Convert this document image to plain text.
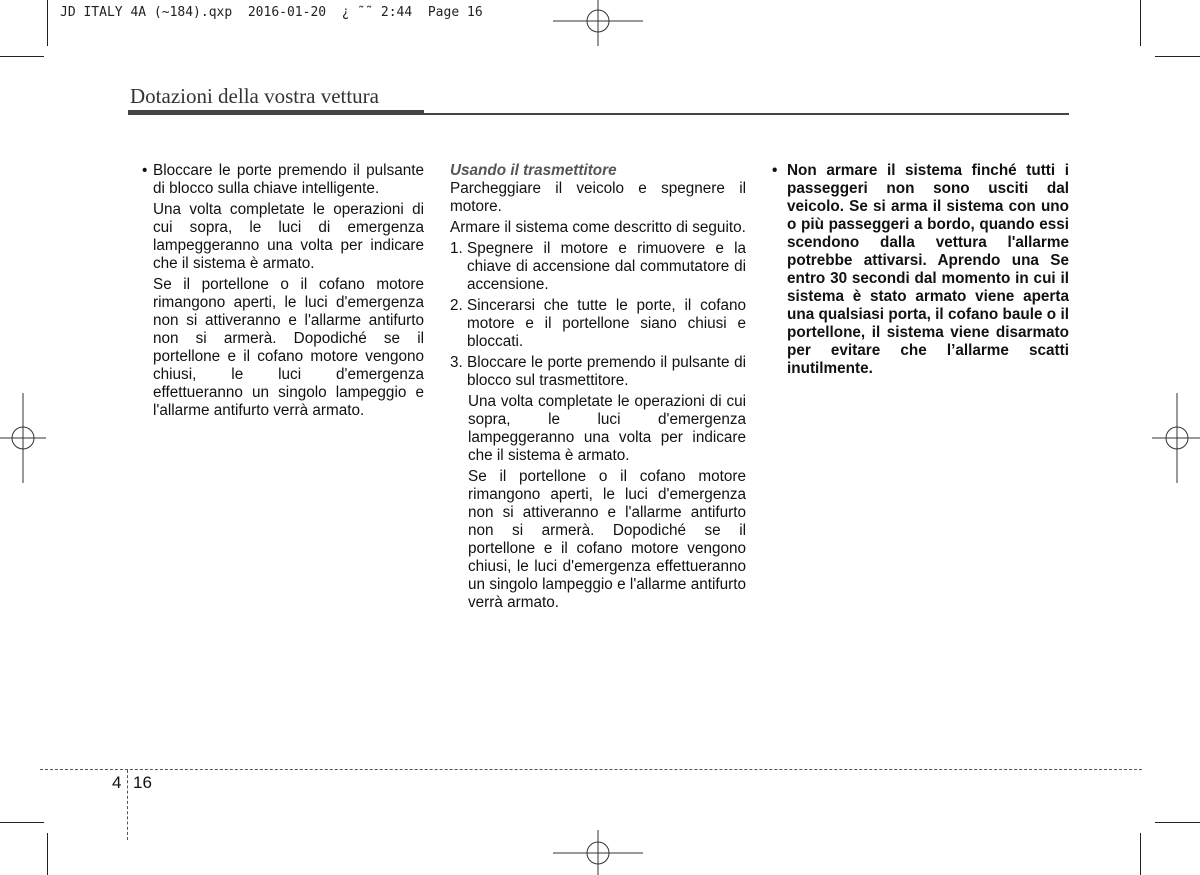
JD ITALY 4A (~184).qxp  2016-01-20  ¿ ˜˜ 2:44  Page 16
Dotazioni della vostra vettura

• Bloccare le porte premendo il pulsante di blocco sulla chiave intelligente.

Una volta completate le operazioni di cui sopra, le luci di emergenza lampeggeranno una volta per indicare che il sistema è armato.

Se il portellone o il cofano motore rimangono aperti, le luci d'emergenza non si attiveranno e l'allarme antifurto non si armerà. Dopodiché se il portellone e il cofano motore vengono chiusi, le luci d'emergenza effettueranno un singolo lampeggio e l'allarme antifurto verrà armato.

Usando il trasmettitore

Parcheggiare il veicolo e spegnere il motore.

Armare il sistema come descritto di seguito.

1. Spegnere il motore e rimuovere e la chiave di accensione dal commutatore di accensione.

2. Sincerarsi che tutte le porte, il cofano motore e il portellone siano chiusi e bloccati.

3. Bloccare le porte premendo il pulsante di blocco sul trasmettitore.

Una volta completate le operazioni di cui sopra, le luci d'emergenza lampeggeranno una volta per indicare che il sistema è armato.

Se il portellone o il cofano motore rimangono aperti, le luci d'emergenza non si attiveranno e l'allarme antifurto non si armerà. Dopodiché se il portellone e il cofano motore vengono chiusi, le luci d'emergenza effettueranno un singolo lampeggio e l'allarme antifurto verrà armato.

• Non armare il sistema finché tutti i passeggeri non sono usciti dal veicolo. Se si arma il sistema con uno o più passeggeri a bordo, quando essi scendono dalla vettura l'allarme potrebbe attivarsi. Aprendo una Se entro 30 secondi dal momento in cui il sistema è stato armato viene aperta una qualsiasi porta, il cofano baule o il portellone, il sistema viene disarmato per evitare che l’allarme scatti inutilmente.

4 16
